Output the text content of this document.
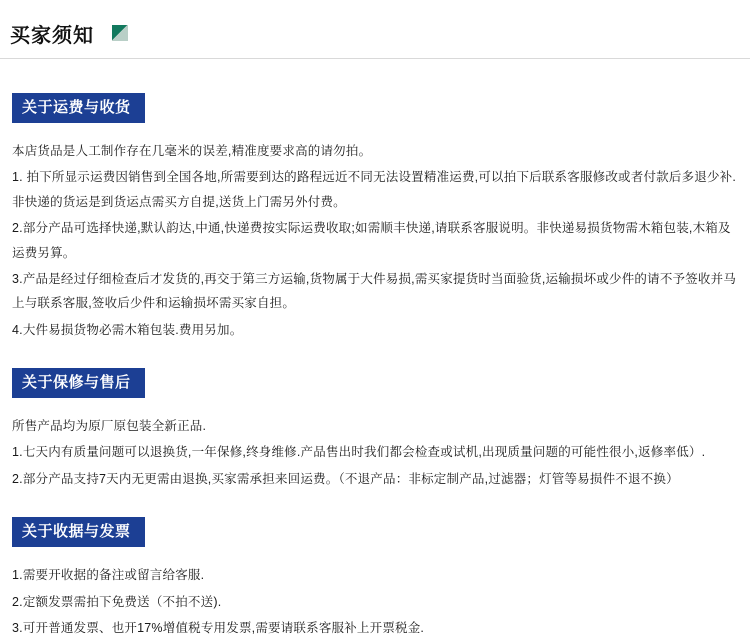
买家须知
关于运费与收货

本店货品是人工制作存在几毫米的误差,精准度要求高的请勿拍。

1. 拍下所显示运费因销售到全国各地,所需要到达的路程远近不同无法设置精准运费,可以拍下后联系客服修改或者付款后多退少补.非快递的货运是到货运点需买方自提,送货上门需另外付费。

2.部分产品可选择快递,默认韵达,中通,快递费按实际运费收取;如需顺丰快递,请联系客服说明。非快递易损货物需木箱包装,木箱及运费另算。

3.产品是经过仔细检查后才发货的,再交于第三方运输,货物属于大件易损,需买家提货时当面验货,运输损坏或少件的请不予签收并马上与联系客服,签收后少件和运输损坏需买家自担。

4.大件易损货物必需木箱包装.费用另加。

关于保修与售后

所售产品均为原厂原包装全新正品.

1.七天内有质量问题可以退换货,一年保修,终身维修.产品售出时我们都会检查或试机,出现质量问题的可能性很小,返修率低）.

2.部分产品支持7天内无更需由退换,买家需承担来回运费。（不退产品：非标定制产品,过滤器；灯管等易损件不退不换）

关于收据与发票

1.需要开收据的备注或留言给客服.

2.定额发票需拍下免费送（不拍不送).

3.可开普通发票、也开17%增值税专用发票,需要请联系客服补上开票税金.
